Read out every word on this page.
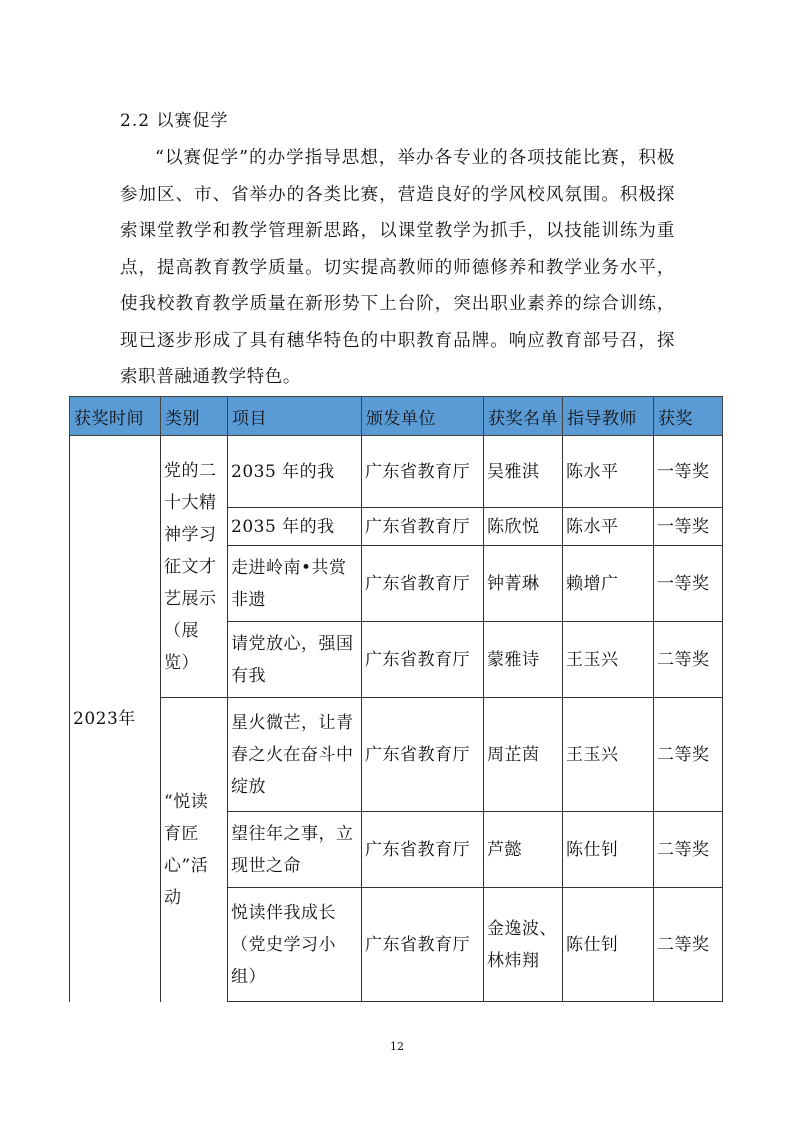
2.2 以赛促学
“以赛促学”的办学指导思想，举办各专业的各项技能比赛，积极参加区、市、省举办的各类比赛，营造良好的学风校风氛围。积极探索课堂教学和教学管理新思路，以课堂教学为抓手，以技能训练为重点，提高教育教学质量。切实提高教师的师德修养和教学业务水平，使我校教育教学质量在新形势下上台阶，突出职业素养的综合训练，现已逐步形成了具有穗华特色的中职教育品牌。响应教育部号召，探索职普融通教学特色。
获奖时间	类别	项目	颁发单位	获奖名单	指导教师	获奖
2023年	党的二十大精神学习征文才艺展示（展览）	2035 年的我	广东省教育厅	吴雅淇	陈水平	一等奖
		2035 年的我	广东省教育厅	陈欣悦	陈水平	一等奖
		走进岭南•共赏非遗	广东省教育厅	钟菁琳	赖增广	一等奖
		请党放心，强国有我	广东省教育厅	蒙雅诗	王玉兴	二等奖
	“悦读育匠心”活动	星火微芒，让青春之火在奋斗中绽放	广东省教育厅	周芷茵	王玉兴	二等奖
		望往年之事，立现世之命	广东省教育厅	芦懿	陈仕钊	二等奖
		悦读伴我成长（党史学习小组）	广东省教育厅	金逸波、林炜翔	陈仕钊	二等奖
12
